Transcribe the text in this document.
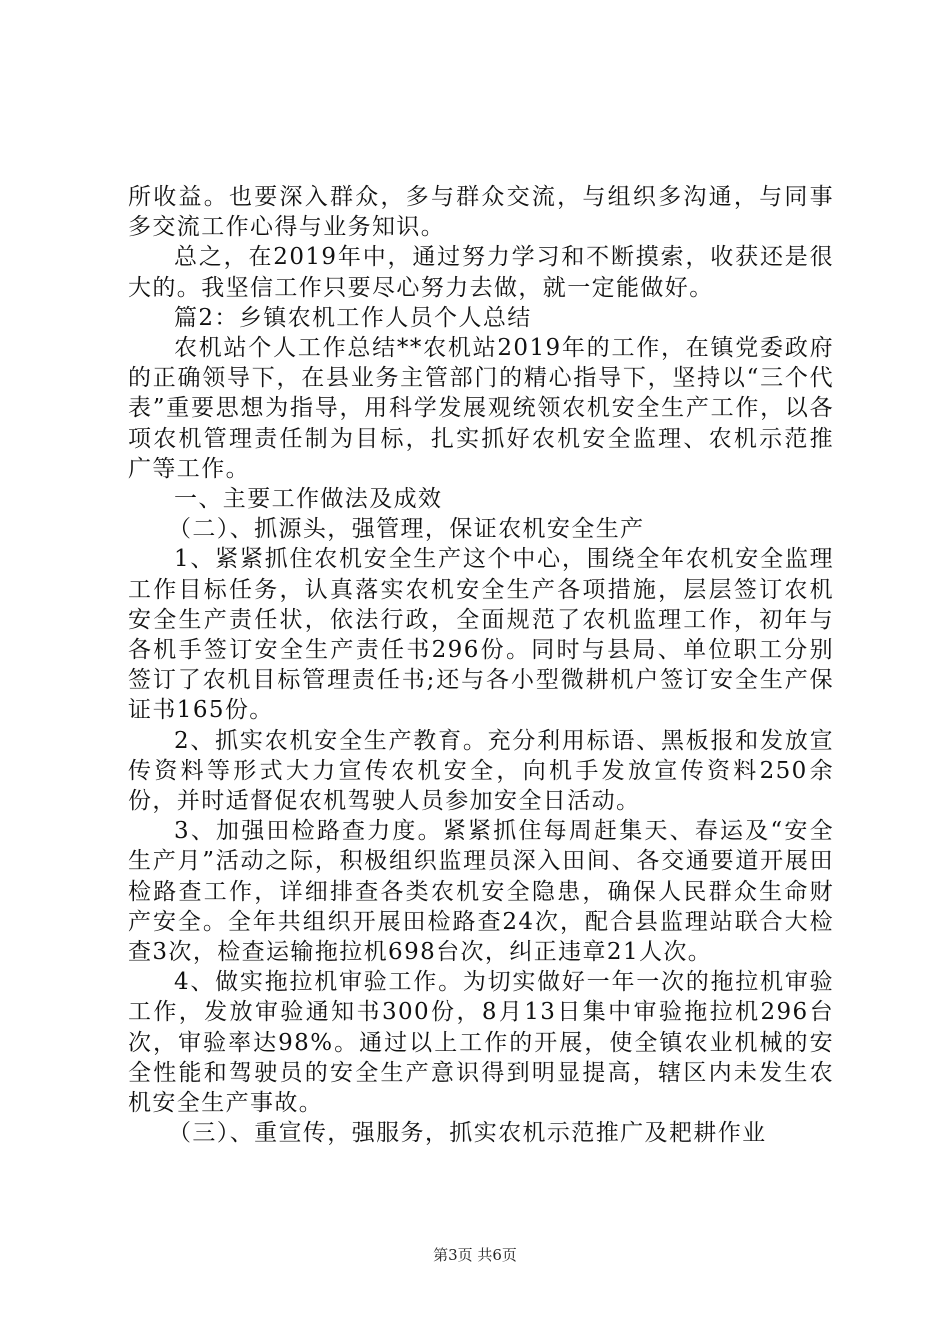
所收益。也要深入群众，多与群众交流，与组织多沟通，与同事多交流工作心得与业务知识。

总之，在2019年中，通过努力学习和不断摸索，收获还是很大的。我坚信工作只要尽心努力去做，就一定能做好。

篇2：乡镇农机工作人员个人总结

农机站个人工作总结**农机站2019年的工作，在镇党委政府的正确领导下，在县业务主管部门的精心指导下，坚持以“三个代表”重要思想为指导，用科学发展观统领农机安全生产工作，以各项农机管理责任制为目标，扎实抓好农机安全监理、农机示范推广等工作。

一、主要工作做法及成效

（二）、抓源头，强管理，保证农机安全生产

1、紧紧抓住农机安全生产这个中心，围绕全年农机安全监理工作目标任务，认真落实农机安全生产各项措施，层层签订农机安全生产责任状，依法行政，全面规范了农机监理工作，初年与各机手签订安全生产责任书296份。同时与县局、单位职工分别签订了农机目标管理责任书;还与各小型微耕机户签订安全生产保证书165份。

2、抓实农机安全生产教育。充分利用标语、黑板报和发放宣传资料等形式大力宣传农机安全，向机手发放宣传资料250余份，并时适督促农机驾驶人员参加安全日活动。

3、加强田检路查力度。紧紧抓住每周赶集天、春运及“安全生产月”活动之际，积极组织监理员深入田间、各交通要道开展田检路查工作，详细排查各类农机安全隐患，确保人民群众生命财产安全。全年共组织开展田检路查24次，配合县监理站联合大检查3次，检查运输拖拉机698台次，纠正违章21人次。

4、做实拖拉机审验工作。为切实做好一年一次的拖拉机审验工作，发放审验通知书300份，8月13日集中审验拖拉机296台次，审验率达98%。通过以上工作的开展，使全镇农业机械的安全性能和驾驶员的安全生产意识得到明显提高，辖区内未发生农机安全生产事故。

（三）、重宣传，强服务，抓实农机示范推广及耙耕作业

第3页 共6页
